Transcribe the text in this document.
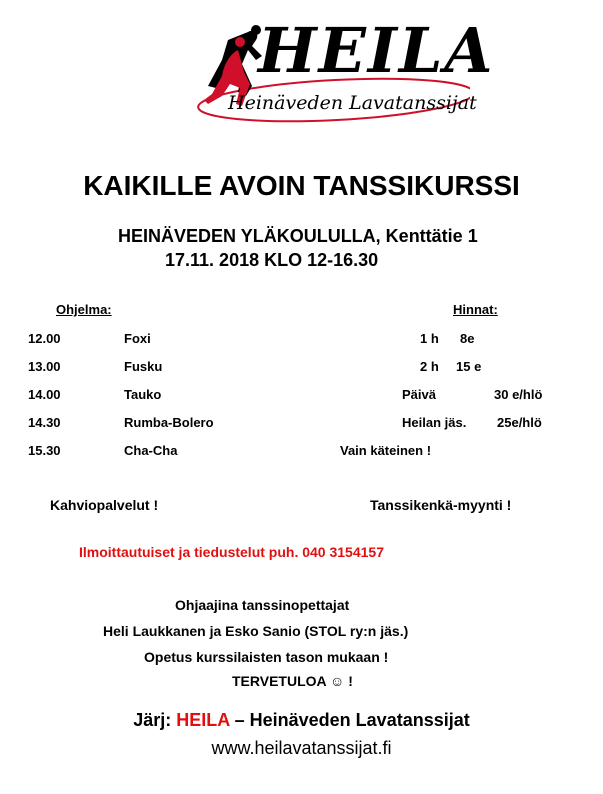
HEILA
Heinäveden Lavatanssijat
KAIKILLE AVOIN TANSSIKURSSI
HEINÄVEDEN YLÄKOULULLA, Kenttätie 1
17.11. 2018 KLO 12-16.30
Ohjelma:
12.00	Foxi
13.00	Fusku
14.00	Tauko
14.30	Rumba-Bolero
15.30	Cha-Cha
Hinnat:
1 h 8e
2 h 15 e
Päivä	30 e/hlö
Heilan jäs. 25e/hlö
Vain käteinen !
Kahviopalvelut !	Tanssikenkä-myynti !
Ilmoittautuiset ja tiedustelut puh. 040 3154157
Ohjaajina tanssinopettajat
Heli Laukkanen ja Esko Sanio (STOL ry:n jäs.)
Opetus kurssilaisten tason mukaan !
TERVETULOA ☺ !
Järj: HEILA – Heinäveden Lavatanssijat
www.heilavatanssijat.fi
